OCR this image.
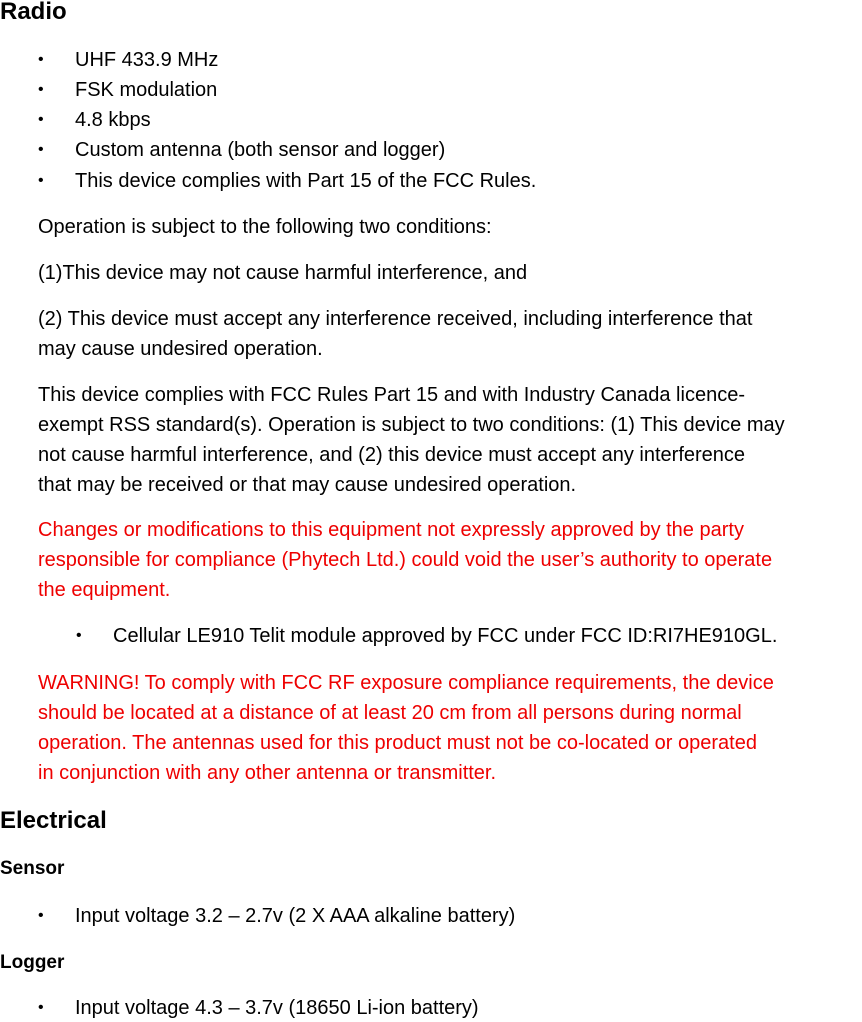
Radio
• UHF 433.9 MHz
• FSK modulation
• 4.8 kbps
• Custom antenna (both sensor and logger)
• This device complies with Part 15 of the FCC Rules.

Operation is subject to the following two conditions:

(1)This device may not cause harmful interference, and

(2) This device must accept any interference received, including interference that
may cause undesired operation.

This device complies with FCC Rules Part 15 and with Industry Canada licence-
exempt RSS standard(s). Operation is subject to two conditions: (1) This device may
not cause harmful interference, and (2) this device must accept any interference
that may be received or that may cause undesired operation.

Changes or modifications to this equipment not expressly approved by the party
responsible for compliance (Phytech Ltd.) could void the user’s authority to operate
the equipment.

• Cellular LE910 Telit module approved by FCC under FCC ID:RI7HE910GL.

WARNING! To comply with FCC RF exposure compliance requirements, the device
should be located at a distance of at least 20 cm from all persons during normal
operation. The antennas used for this product must not be co-located or operated
in conjunction with any other antenna or transmitter.

Electrical
Sensor
• Input voltage 3.2 – 2.7v (2 X AAA alkaline battery)
Logger
• Input voltage 4.3 – 3.7v (18650 Li-ion battery)
